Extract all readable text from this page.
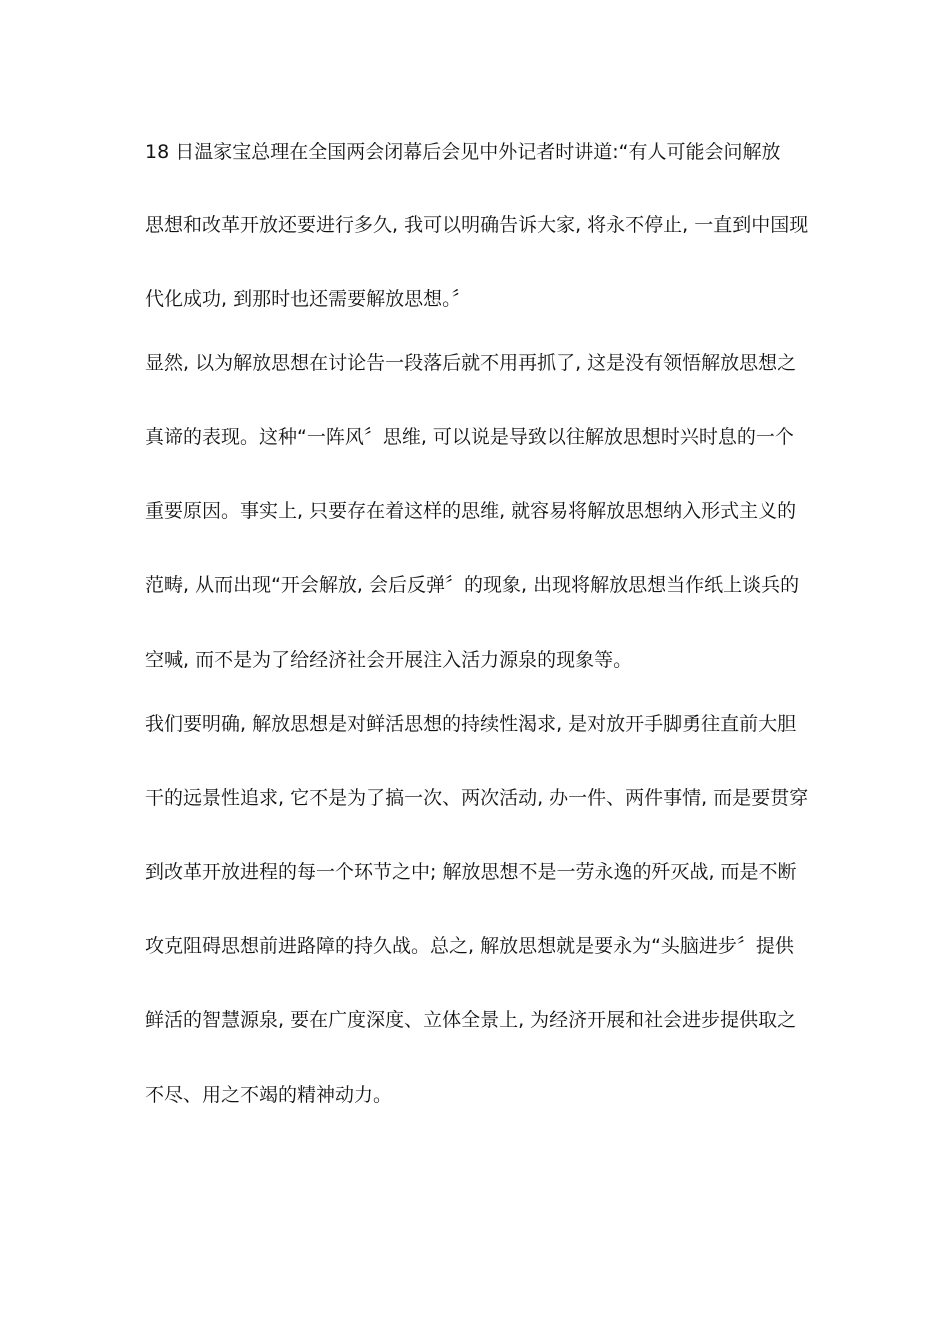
18 日温家宝总理在全国两会闭幕后会见中外记者时讲道:“有人可能会问解放
思想和改革开放还要进行多久, 我可以明确告诉大家, 将永不停止, 一直到中国现
代化成功, 到那时也还需要解放思想。〞
显然, 以为解放思想在讨论告一段落后就不用再抓了, 这是没有领悟解放思想之
真谛的表现。这种“一阵风〞思维, 可以说是导致以往解放思想时兴时息的一个
重要原因。事实上, 只要存在着这样的思维, 就容易将解放思想纳入形式主义的
范畴, 从而出现“开会解放, 会后反弹〞的现象, 出现将解放思想当作纸上谈兵的
空喊, 而不是为了给经济社会开展注入活力源泉的现象等。
我们要明确, 解放思想是对鲜活思想的持续性渴求, 是对放开手脚勇往直前大胆
干的远景性追求, 它不是为了搞一次、两次活动, 办一件、两件事情, 而是要贯穿
到改革开放进程的每一个环节之中; 解放思想不是一劳永逸的歼灭战, 而是不断
攻克阻碍思想前进路障的持久战。总之, 解放思想就是要永为“头脑进步〞提供
鲜活的智慧源泉, 要在广度深度、立体全景上, 为经济开展和社会进步提供取之
不尽、用之不竭的精神动力。
